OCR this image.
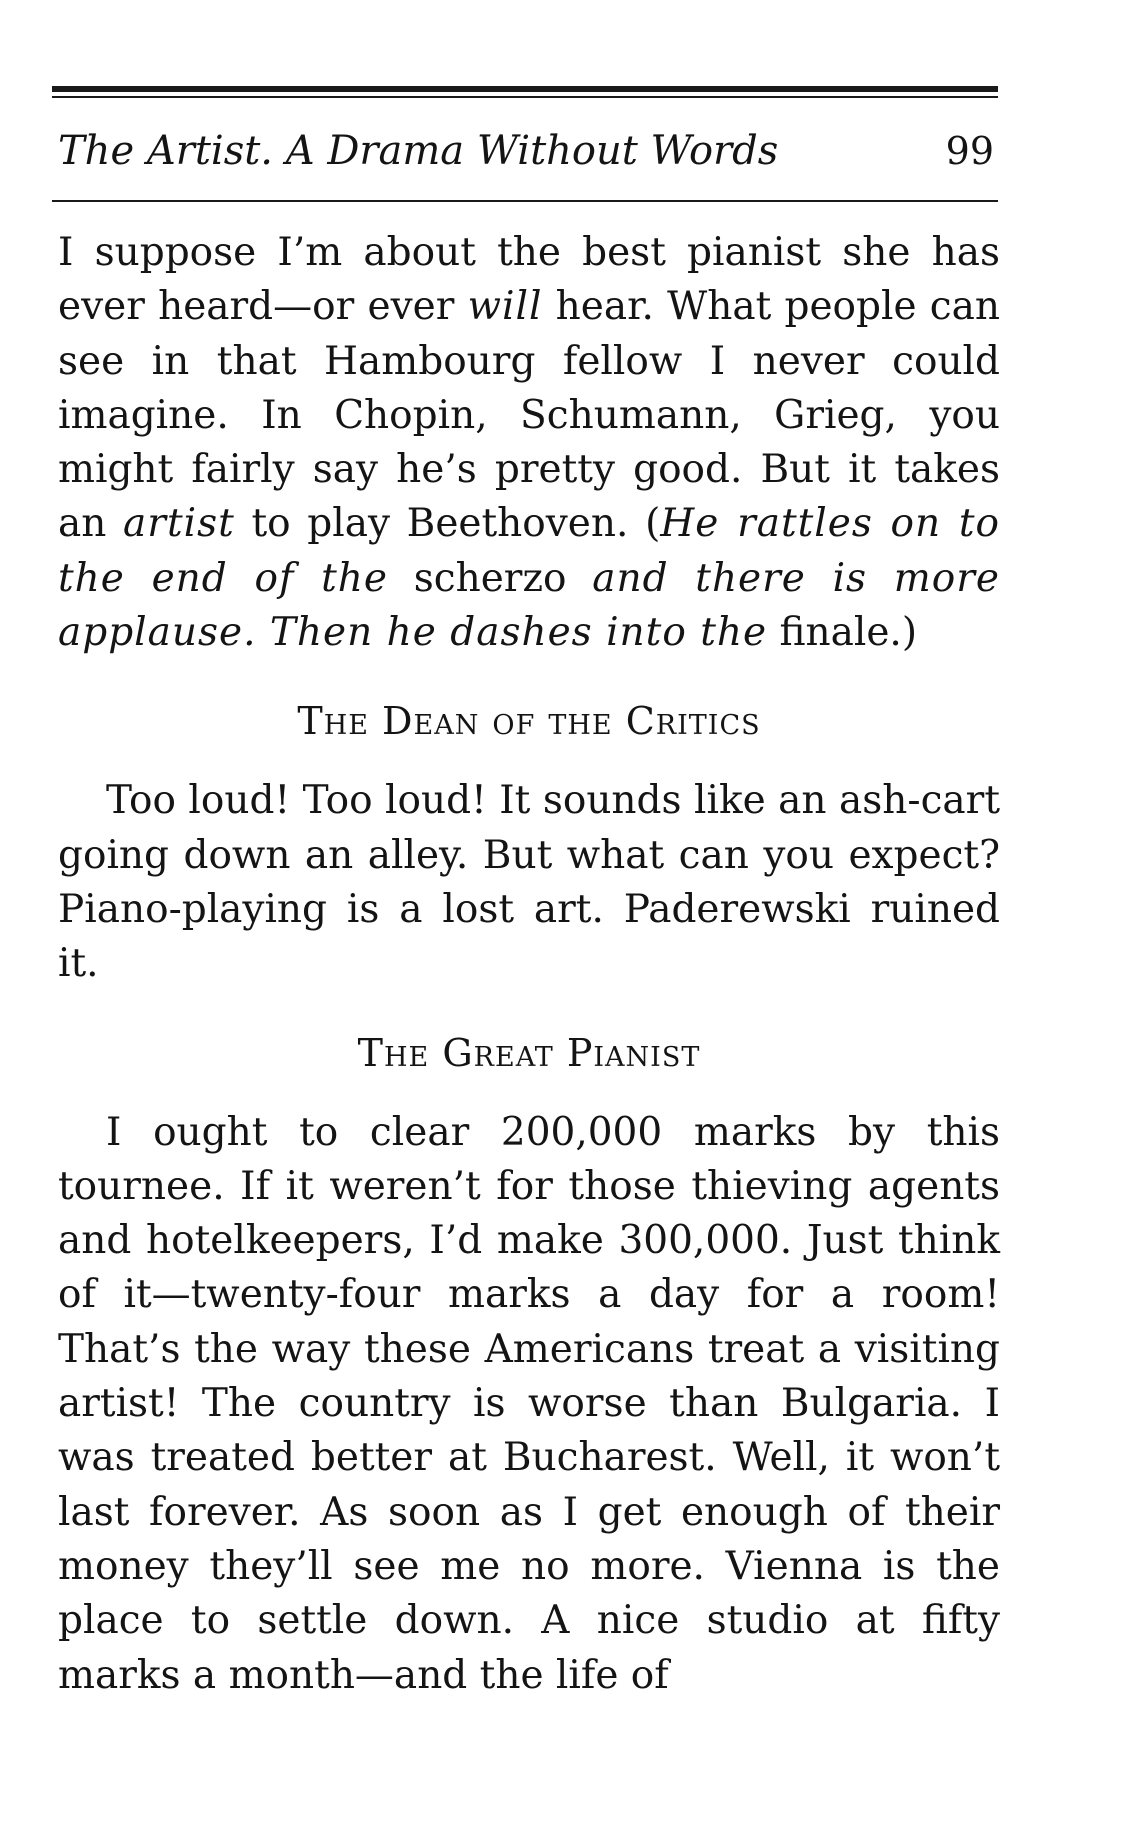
The Artist. A Drama Without Words	99

I suppose I’m about the best pianist she has ever heard—or ever will hear. What people can see in that Hambourg fellow I never could imagine. In Chopin, Schumann, Grieg, you might fairly say he’s pretty good. But it takes an artist to play Beethoven. (He rattles on to the end of the scherzo and there is more applause. Then he dashes into the finale.)

The Dean of the Critics

Too loud! Too loud! It sounds like an ash-cart going down an alley. But what can you expect? Piano-playing is a lost art. Paderewski ruined it.

The Great Pianist

I ought to clear 200,000 marks by this tournee. If it weren’t for those thieving agents and hotelkeepers, I’d make 300,000. Just think of it—twenty-four marks a day for a room! That’s the way these Americans treat a visiting artist! The country is worse than Bulgaria. I was treated better at Bucharest. Well, it won’t last forever. As soon as I get enough of their money they’ll see me no more. Vienna is the place to settle down. A nice studio at fifty marks a month—and the life of
